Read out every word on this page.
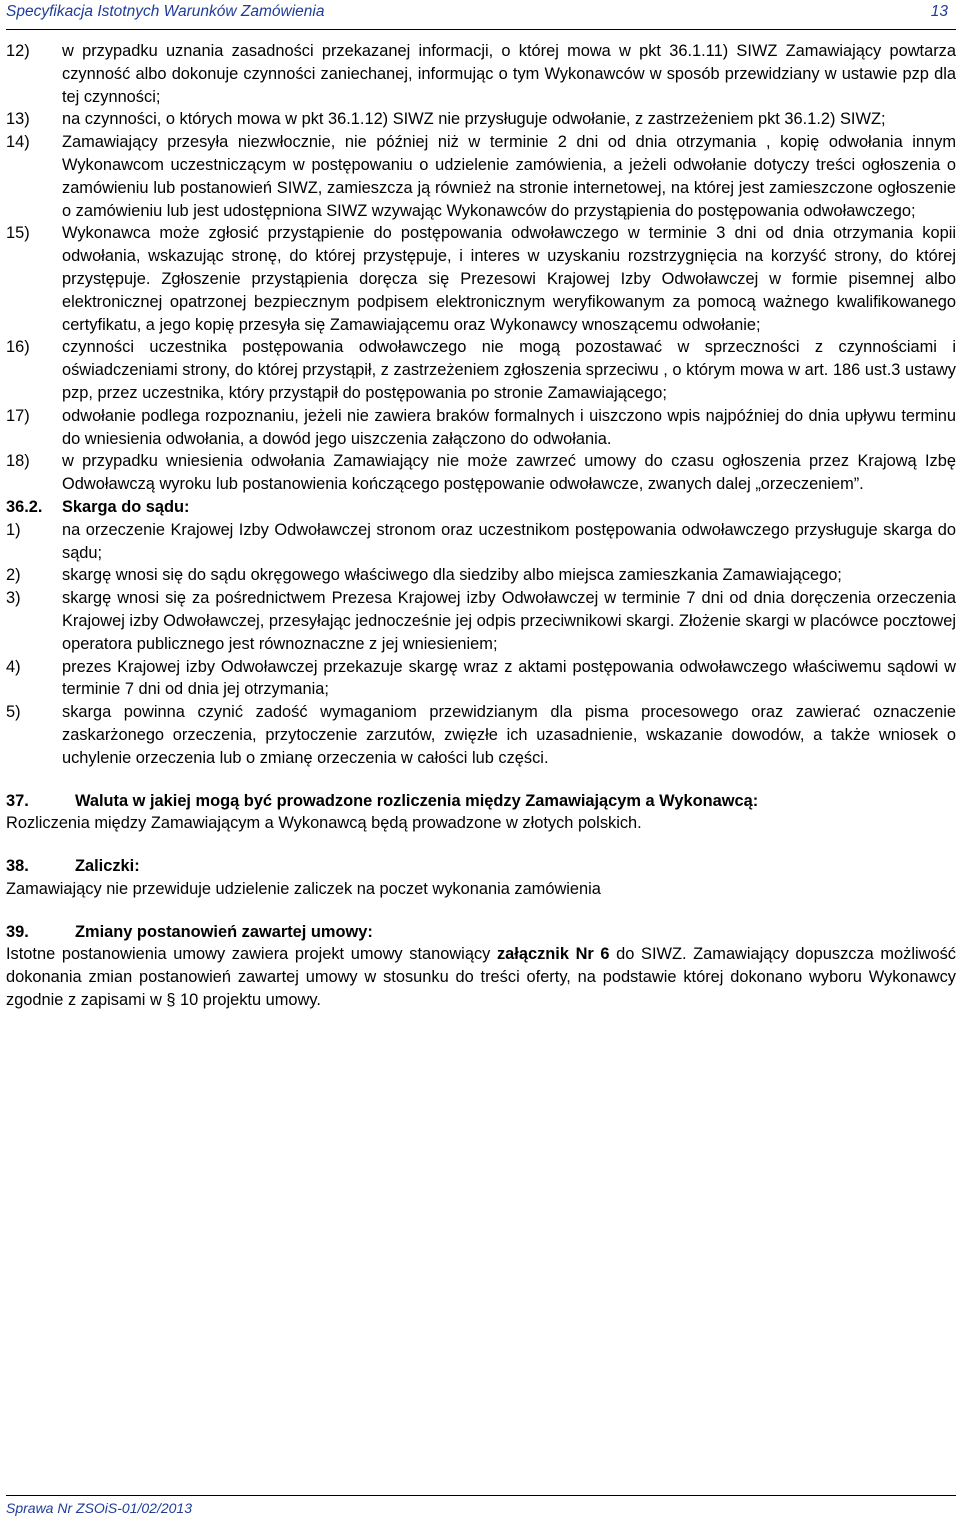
Specyfikacja Istotnych Warunków Zamówienia	13
12)	w przypadku uznania zasadności przekazanej informacji, o której mowa w pkt 36.1.11) SIWZ Zamawiający powtarza czynność albo dokonuje czynności zaniechanej, informując o tym Wykonawców w sposób przewidziany w ustawie pzp dla tej czynności;
13)	na czynności, o których mowa w pkt 36.1.12) SIWZ nie przysługuje odwołanie, z zastrzeżeniem pkt 36.1.2) SIWZ;
14)	Zamawiający przesyła niezwłocznie, nie później niż w terminie 2 dni od dnia otrzymania , kopię odwołania innym Wykonawcom uczestniczącym w postępowaniu o udzielenie zamówienia, a jeżeli odwołanie dotyczy treści ogłoszenia o zamówieniu lub postanowień SIWZ, zamieszcza ją również na stronie internetowej, na której jest zamieszczone ogłoszenie o zamówieniu lub jest udostępniona SIWZ wzywając Wykonawców do przystąpienia do postępowania odwoławczego;
15)	Wykonawca może zgłosić przystąpienie do postępowania odwoławczego w terminie 3 dni od dnia otrzymania kopii odwołania, wskazując stronę, do której przystępuje, i interes w uzyskaniu rozstrzygnięcia na korzyść strony, do której przystępuje. Zgłoszenie przystąpienia doręcza się Prezesowi Krajowej Izby Odwoławczej w formie pisemnej albo elektronicznej opatrzonej bezpiecznym podpisem elektronicznym weryfikowanym za pomocą ważnego kwalifikowanego certyfikatu, a jego kopię przesyła się Zamawiającemu oraz Wykonawcy wnoszącemu odwołanie;
16)	czynności uczestnika postępowania odwoławczego nie mogą pozostawać w sprzeczności z czynnościami i oświadczeniami strony, do której przystąpił, z zastrzeżeniem zgłoszenia sprzeciwu , o którym mowa w art. 186 ust.3 ustawy pzp, przez uczestnika, który przystąpił do postępowania po stronie Zamawiającego;
17)	odwołanie podlega rozpoznaniu, jeżeli nie zawiera braków formalnych i uiszczono wpis najpóźniej do dnia upływu terminu do wniesienia odwołania, a dowód jego uiszczenia załączono do odwołania.
18)	w przypadku wniesienia odwołania Zamawiający nie może zawrzeć umowy do czasu ogłoszenia przez Krajową Izbę Odwoławczą wyroku lub postanowienia kończącego postępowanie odwoławcze, zwanych dalej „orzeczeniem”.
36.2.	Skarga do sądu:
1)	na orzeczenie Krajowej Izby Odwoławczej stronom oraz uczestnikom postępowania odwoławczego przysługuje skarga do sądu;
2)	skargę wnosi się do sądu okręgowego właściwego dla siedziby albo miejsca zamieszkania Zamawiającego;
3)	skargę wnosi się za pośrednictwem Prezesa Krajowej izby Odwoławczej w terminie 7 dni od dnia doręczenia orzeczenia Krajowej izby Odwoławczej, przesyłając jednocześnie jej odpis przeciwnikowi skargi. Złożenie skargi w placówce pocztowej operatora publicznego jest równoznaczne z jej wniesieniem;
4)	prezes Krajowej izby Odwoławczej przekazuje skargę wraz z aktami postępowania odwoławczego właściwemu sądowi w terminie 7 dni od dnia jej otrzymania;
5)	skarga powinna czynić zadość wymaganiom przewidzianym dla pisma procesowego oraz zawierać oznaczenie zaskarżonego orzeczenia, przytoczenie zarzutów, zwięzłe ich uzasadnienie, wskazanie dowodów, a także wniosek o uchylenie orzeczenia lub o zmianę orzeczenia w całości lub części.
37.	Waluta w jakiej mogą być prowadzone rozliczenia między Zamawiającym a Wykonawcą:
Rozliczenia między Zamawiającym a Wykonawcą będą prowadzone w złotych polskich.
38.	Zaliczki:
Zamawiający nie przewiduje udzielenie zaliczek na poczet wykonania zamówienia
39.	Zmiany postanowień zawartej umowy:
Istotne postanowienia umowy zawiera projekt umowy stanowiący załącznik Nr 6 do SIWZ. Zamawiający dopuszcza możliwość dokonania zmian postanowień zawartej umowy w stosunku do treści oferty, na podstawie której dokonano wyboru Wykonawcy zgodnie z zapisami w § 10 projektu umowy.
Sprawa Nr ZSOiS-01/02/2013
